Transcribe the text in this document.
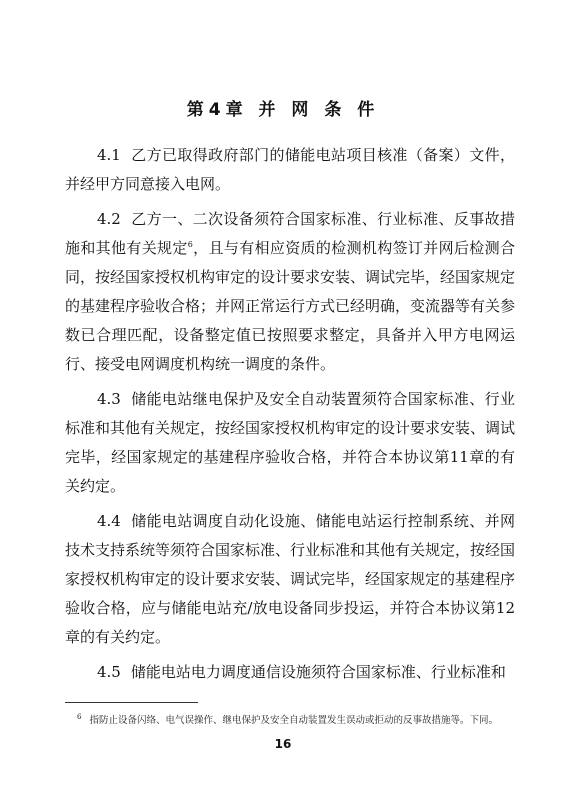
第4章 并 网 条 件

4.1 乙方已取得政府部门的储能电站项目核准（备案）文件，并经甲方同意接入电网。

4.2 乙方一、二次设备须符合国家标准、行业标准、反事故措施和其他有关规定$^6$，且与有相应资质的检测机构签订并网后检测合同，按经国家授权机构审定的设计要求安装、调试完毕，经国家规定的基建程序验收合格；并网正常运行方式已经明确，变流器等有关参数已合理匹配，设备整定值已按照要求整定，具备并入甲方电网运行、接受电网调度机构统一调度的条件。

4.3 储能电站继电保护及安全自动装置须符合国家标准、行业标准和其他有关规定，按经国家授权机构审定的设计要求安装、调试完毕，经国家规定的基建程序验收合格，并符合本协议第11章的有关约定。

4.4 储能电站调度自动化设施、储能电站运行控制系统、并网技术支持系统等须符合国家标准、行业标准和其他有关规定，按经国家授权机构审定的设计要求安装、调试完毕，经国家规定的基建程序验收合格，应与储能电站充/放电设备同步投运，并符合本协议第12章的有关约定。

4.5 储能电站电力调度通信设施须符合国家标准、行业标准和

$^6$ 指防止设备闪络、电气误操作、继电保护及安全自动装置发生误动或拒动的反事故措施等。下同。
16
